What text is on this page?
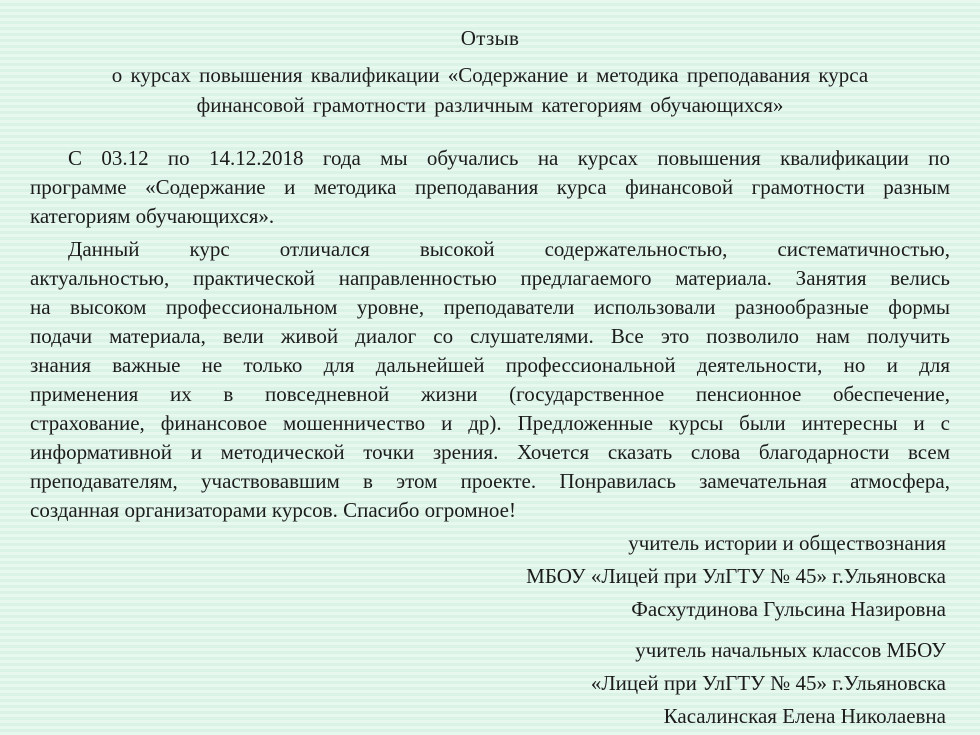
Отзыв
о курсах повышения квалификации «Содержание и методика преподавания курса
финансовой грамотности различным категориям обучающихся»
С 03.12 по 14.12.2018 года мы обучались на курсах повышения квалификации по
программе «Содержание и методика преподавания курса финансовой грамотности разным
категориям обучающихся».
Данный курс отличался высокой содержательностью, систематичностью,
актуальностью, практической направленностью предлагаемого материала. Занятия велись
на высоком профессиональном уровне, преподаватели использовали разнообразные формы
подачи материала, вели живой диалог со слушателями. Все это позволило нам получить
знания важные не только для дальнейшей профессиональной деятельности, но и для
применения их в повседневной жизни (государственное пенсионное обеспечение,
страхование, финансовое мошенничество и др). Предложенные курсы были интересны и с
информативной и методической точки зрения. Хочется сказать слова благодарности всем
преподавателям, участвовавшим в этом проекте. Понравилась замечательная атмосфера,
созданная организаторами курсов. Спасибо огромное!
учитель истории и обществознания
МБОУ «Лицей при УлГТУ № 45» г.Ульяновска
Фасхутдинова Гульсина Назировна
учитель начальных классов МБОУ
«Лицей при УлГТУ № 45» г.Ульяновска
Касалинская Елена Николаевна
